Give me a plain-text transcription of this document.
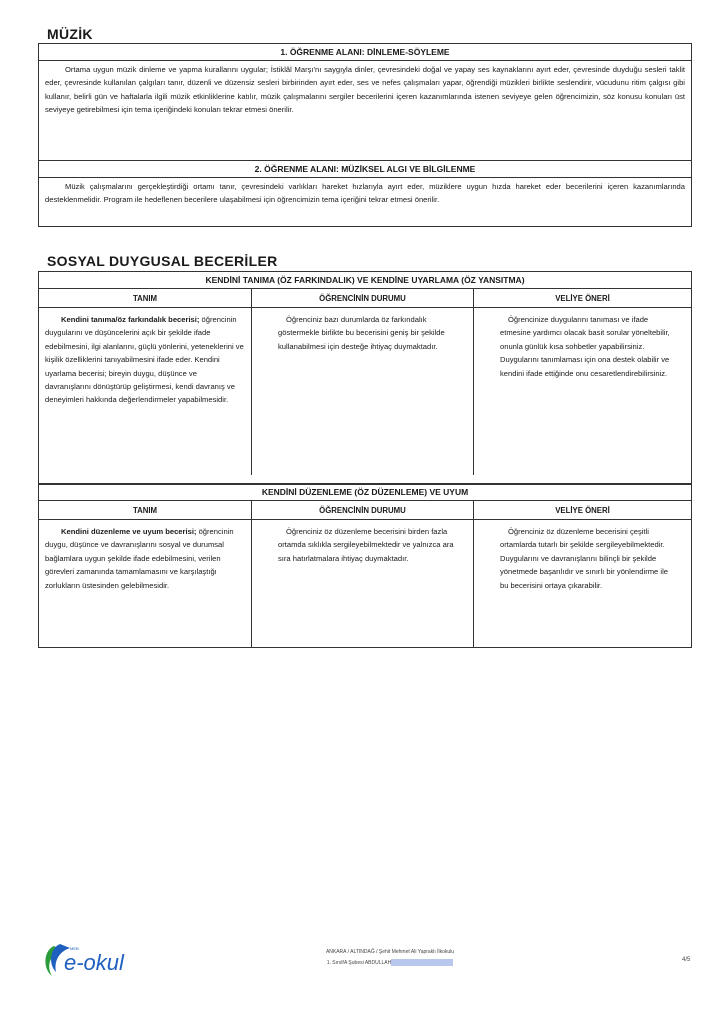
MÜZİK
1. ÖĞRENME ALANI: DİNLEME-SÖYLEME
Ortama uygun müzik dinleme ve yapma kurallarını uygular; İstiklâl Marşı'nı saygıyla dinler, çevresindeki doğal ve yapay ses kaynaklarını ayırt eder, çevresinde duyduğu sesleri taklit eder, çevresinde kullanılan çalgıları tanır, düzenli ve düzensiz sesleri birbirinden ayırt eder, ses ve nefes çalışmaları yapar, öğrendiği müzikleri birlikte seslendirir, vücudunu ritim çalgısı gibi kullanır, belirli gün ve haftalarla ilgili müzik etkinliklerine katılır, müzik çalışmalarını sergiler becerilerini içeren kazanımlarında istenen seviyeye gelen öğrencimizin, söz konusu konuları üst seviyeye getirebilmesi için tema içeriğindeki konuları tekrar etmesi önerilir.
2. ÖĞRENME ALANI: MÜZİKSEL ALGI VE BİLGİLENME
Müzik çalışmalarını gerçekleştirdiği ortamı tanır, çevresindeki varlıkları hareket hızlarıyla ayırt eder, müziklere uygun hızda hareket eder becerilerini içeren kazanımlarında desteklenmelidir. Program ile hedeflenen becerilere ulaşabilmesi için öğrencimizin tema içeriğini tekrar etmesi önerilir.
SOSYAL DUYGUSAL BECERİLER
KENDİNİ TANIMA (ÖZ FARKINDALIK) VE KENDİNE UYARLAMA (ÖZ YANSITMA)
TANIM

Kendini tanıma/öz farkındalık becerisi; öğrencinin duygularını ve düşüncelerini açık bir şekilde ifade edebilmesini, ilgi alanlarını, güçlü yönlerini, yeteneklerini ve kişilik özelliklerini tanıyabilmesini ifade eder. Kendini uyarlama becerisi; bireyin duygu, düşünce ve davranışlarını dönüştürüp geliştirmesi, kendi davranış ve deneyimleri hakkında değerlendirmeler yapabilmesidir.

ÖĞRENCİNİN DURUMU

Öğrenciniz bazı durumlarda öz farkındalık göstermekle birlikte bu becerisini geniş bir şekilde kullanabilmesi için desteğe ihtiyaç duymaktadır.

VELİYE ÖNERİ

Öğrencinize duygularını tanıması ve ifade etmesine yardımcı olacak basit sorular yöneltebilir, onunla günlük kısa sohbetler yapabilirsiniz. Duygularını tanımlaması için ona destek olabilir ve kendini ifade ettiğinde onu cesaretlendirebilirsiniz.

KENDİNİ DÜZENLEME (ÖZ DÜZENLEME) VE UYUM
TANIM

Kendini düzenleme ve uyum becerisi; öğrencinin duygu, düşünce ve davranışlarını sosyal ve durumsal bağlamlara uygun şekilde ifade edebilmesini, verilen görevleri zamanında tamamlamasını ve karşılaştığı zorlukların üstesinden gelebilmesidir.

ÖĞRENCİNİN DURUMU

Öğrenciniz öz düzenleme becerisini birden fazla ortamda sıklıkla sergileyebilmektedir ve yalnızca ara sıra hatırlatmalara ihtiyaç duymaktadır.

VELİYE ÖNERİ

Öğrenciniz öz düzenleme becerisini çeşitli ortamlarda tutarlı bir şekilde sergileyebilmektedir. Duygularını ve davranışlarını bilinçli bir şekilde yönetmede başarılıdır ve sınırlı bir yönlendirme ile bu becerisini ortaya çıkarabilir.

MEB
e-okul	ANKARA / ALTINDAĞ / Şehit Mehmet Ali Yapraklı İlkokulu
1. Sınıf/A Şubesi ABDULLAH	4/5
